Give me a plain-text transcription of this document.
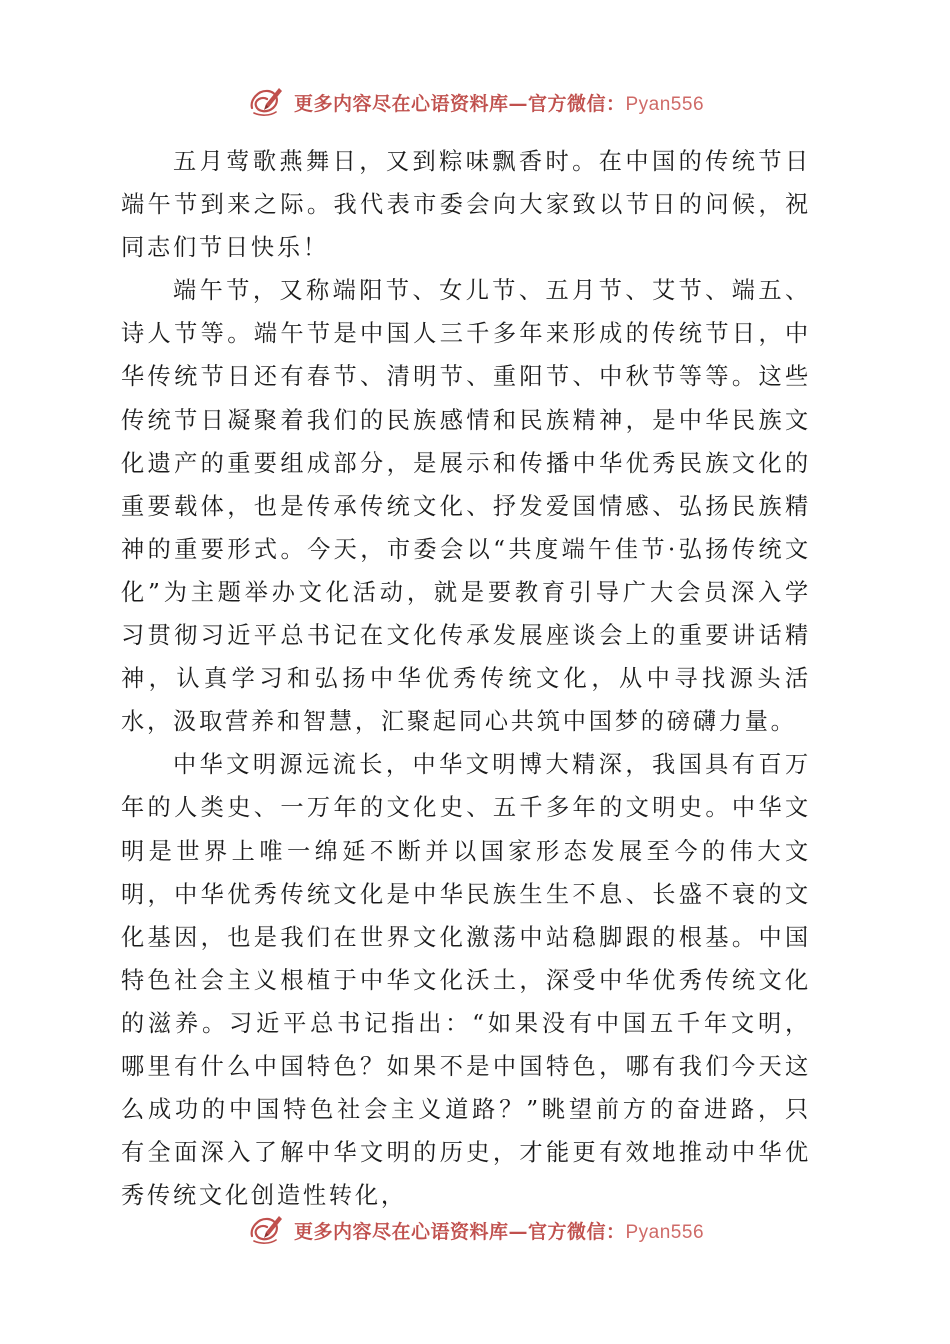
更多内容尽在心语资料库—官方微信：Pyan556

五月莺歌燕舞日，又到粽味飘香时。在中国的传统节日端午节到来之际。我代表市委会向大家致以节日的问候，祝同志们节日快乐！

端午节，又称端阳节、女儿节、五月节、艾节、端五、诗人节等。端午节是中国人三千多年来形成的传统节日，中华传统节日还有春节、清明节、重阳节、中秋节等等。这些传统节日凝聚着我们的民族感情和民族精神，是中华民族文化遗产的重要组成部分，是展示和传播中华优秀民族文化的重要载体，也是传承传统文化、抒发爱国情感、弘扬民族精神的重要形式。今天，市委会以“共度端午佳节·弘扬传统文化”为主题举办文化活动，就是要教育引导广大会员深入学习贯彻习近平总书记在文化传承发展座谈会上的重要讲话精神，认真学习和弘扬中华优秀传统文化，从中寻找源头活水，汲取营养和智慧，汇聚起同心共筑中国梦的磅礴力量。

中华文明源远流长，中华文明博大精深，我国具有百万年的人类史、一万年的文化史、五千多年的文明史。中华文明是世界上唯一绵延不断并以国家形态发展至今的伟大文明，中华优秀传统文化是中华民族生生不息、长盛不衰的文化基因，也是我们在世界文化激荡中站稳脚跟的根基。中国特色社会主义根植于中华文化沃土，深受中华优秀传统文化的滋养。习近平总书记指出：“如果没有中国五千年文明，哪里有什么中国特色？如果不是中国特色，哪有我们今天这么成功的中国特色社会主义道路？”眺望前方的奋进路，只有全面深入了解中华文明的历史，才能更有效地推动中华优秀传统文化创造性转化，

更多内容尽在心语资料库—官方微信：Pyan556
